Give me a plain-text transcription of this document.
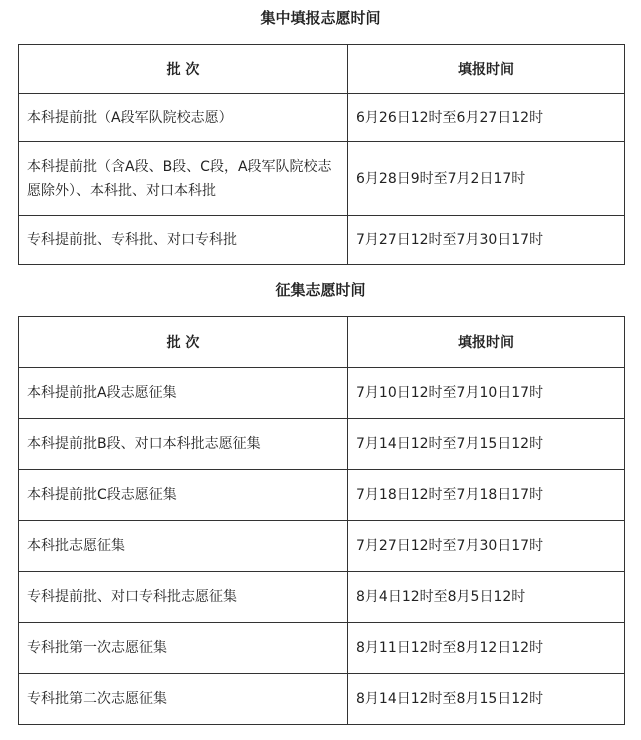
集中填报志愿时间
批 次	填报时间
本科提前批（A段军队院校志愿）	6月26日12时至6月27日12时
本科提前批（含A段、B段、C段，A段军队院校志愿除外）、本科批、对口本科批	6月28日9时至7月2日17时
专科提前批、专科批、对口专科批	7月27日12时至7月30日17时
征集志愿时间
批 次	填报时间
本科提前批A段志愿征集	7月10日12时至7月10日17时
本科提前批B段、对口本科批志愿征集	7月14日12时至7月15日12时
本科提前批C段志愿征集	7月18日12时至7月18日17时
本科批志愿征集	7月27日12时至7月30日17时
专科提前批、对口专科批志愿征集	8月4日12时至8月5日12时
专科批第一次志愿征集	8月11日12时至8月12日12时
专科批第二次志愿征集	8月14日12时至8月15日12时
